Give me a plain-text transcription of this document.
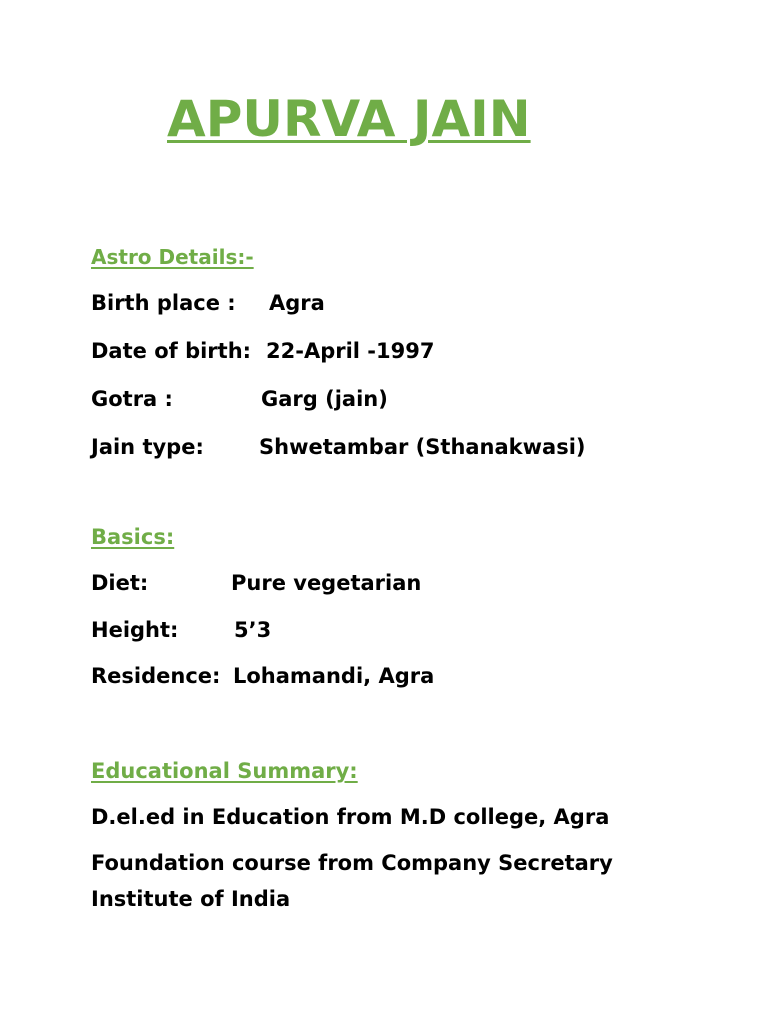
APURVA JAIN
Astro Details:-
Birth place : Agra
Date of birth: 22-April -1997
Gotra :	Garg (jain)
Jain type:	Shwetambar (Sthanakwasi)
Basics:
Diet:	Pure vegetarian
Height:	5’3
Residence: Lohamandi, Agra
Educational Summary:
D.el.ed in Education from M.D college, Agra
Foundation course from Company Secretary
Institute of India
